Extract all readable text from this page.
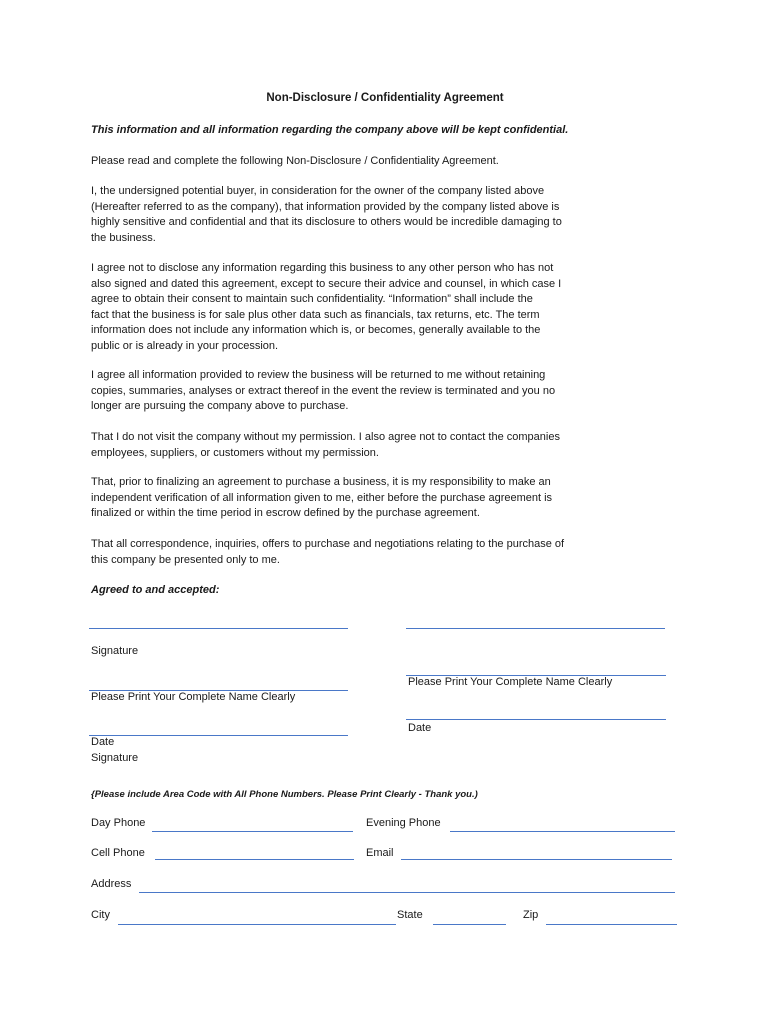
Non-Disclosure / Confidentiality Agreement
This information and all information regarding the company above will be kept confidential.
Please read and complete the following Non-Disclosure / Confidentiality Agreement.
I, the undersigned potential buyer, in consideration for the owner of the company listed above
(Hereafter referred to as the company), that information provided by the company listed above is
highly sensitive and confidential and that its disclosure to others would be incredible damaging to
the business.
I agree not to disclose any information regarding this business to any other person who has not
also signed and dated this agreement, except to secure their advice and counsel, in which case I
agree to obtain their consent to maintain such confidentiality. “Information” shall include the
fact that the business is for sale plus other data such as financials, tax returns, etc. The term
information does not include any information which is, or becomes, generally available to the
public or is already in your procession.
I agree all information provided to review the business will be returned to me without retaining
copies, summaries, analyses or extract thereof in the event the review is terminated and you no
longer are pursuing the company above to purchase.
That I do not visit the company without my permission. I also agree not to contact the companies
employees, suppliers, or customers without my permission.
That, prior to finalizing an agreement to purchase a business, it is my responsibility to make an
independent verification of all information given to me, either before the purchase agreement is
finalized or within the time period in escrow defined by the purchase agreement.
That all correspondence, inquiries, offers to purchase and negotiations relating to the purchase of
this company be presented only to me.
Agreed to and accepted:
Signature
Please Print Your Complete Name Clearly
Date
Signature
Please Print Your Complete Name Clearly
Date
{Please include Area Code with All Phone Numbers. Please Print Clearly - Thank you.)
Day Phone	Evening Phone
Cell Phone	Email
Address
City	State	Zip
